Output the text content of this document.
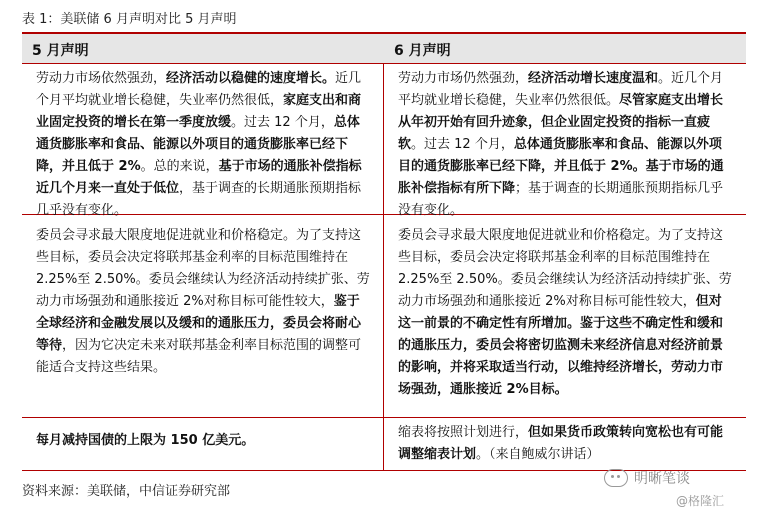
表 1：美联储 6 月声明对比 5 月声明
5 月声明	6 月声明
劳动力市场依然强劲，经济活动以稳健的速度增长。近几个月平均就业增长稳健，失业率仍然很低，家庭支出和商业固定投资的增长在第一季度放缓。过去 12 个月，总体通货膨胀率和食品、能源以外项目的通货膨胀率已经下降，并且低于 2%。总的来说，基于市场的通胀补偿指标近几个月来一直处于低位，基于调查的长期通胀预期指标几乎没有变化。
劳动力市场仍然强劲，经济活动增长速度温和。近几个月平均就业增长稳健，失业率仍然很低。尽管家庭支出增长从年初开始有回升迹象，但企业固定投资的指标一直疲软。过去 12 个月，总体通货膨胀率和食品、能源以外项目的通货膨胀率已经下降，并且低于 2%。基于市场的通胀补偿指标有所下降；基于调查的长期通胀预期指标几乎没有变化。
委员会寻求最大限度地促进就业和价格稳定。为了支持这些目标，委员会决定将联邦基金利率的目标范围维持在 2.25%至 2.50%。委员会继续认为经济活动持续扩张、劳动力市场强劲和通胀接近 2%对称目标可能性较大，鉴于全球经济和金融发展以及缓和的通胀压力，委员会将耐心等待，因为它决定未来对联邦基金利率目标范围的调整可能适合支持这些结果。
委员会寻求最大限度地促进就业和价格稳定。为了支持这些目标，委员会决定将联邦基金利率的目标范围维持在 2.25%至 2.50%。委员会继续认为经济活动持续扩张、劳动力市场强劲和通胀接近 2%对称目标可能性较大，但对这一前景的不确定性有所增加。鉴于这些不确定性和缓和的通胀压力，委员会将密切监测未来经济信息对经济前景的影响，并将采取适当行动，以维持经济增长，劳动力市场强劲，通胀接近 2%目标。
每月减持国债的上限为 150 亿美元。
缩表将按照计划进行，但如果货币政策转向宽松也有可能调整缩表计划。（来自鲍威尔讲话）
资料来源：美联储，中信证券研究部
明晰笔谈
@格隆汇
